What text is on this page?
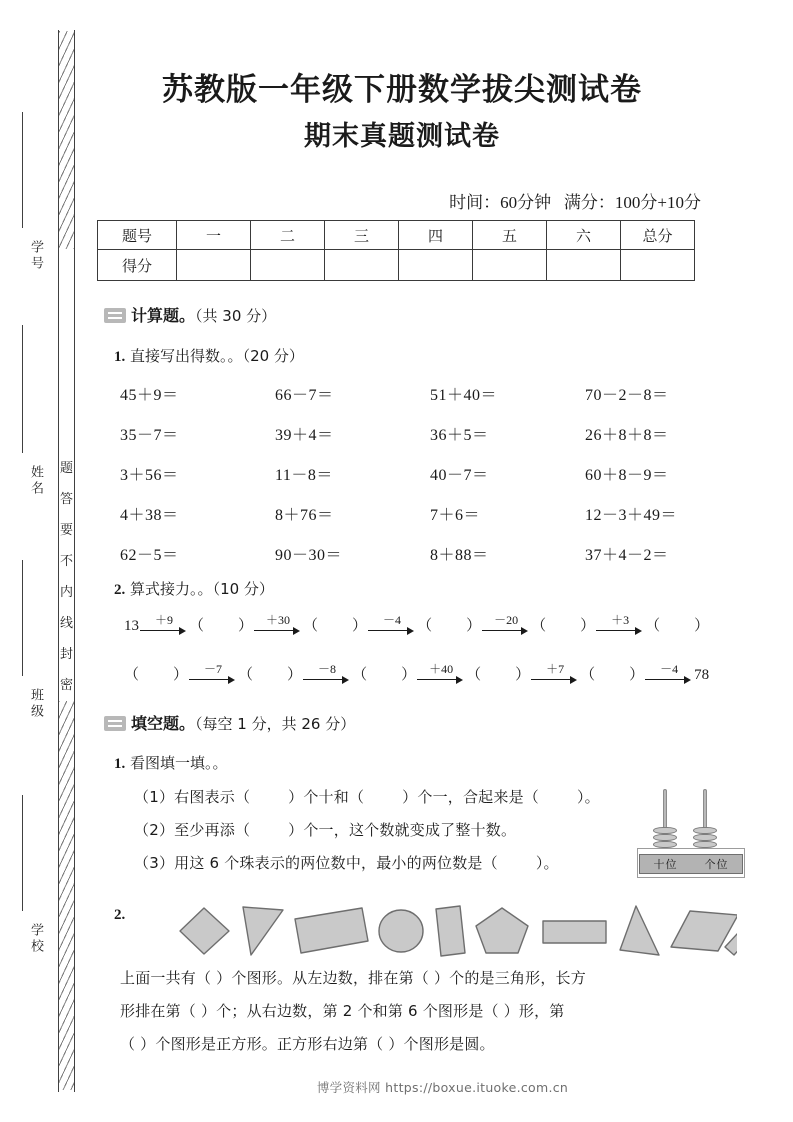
密
封
线
内
不
要
答
题
学号
姓名
班级
学校
苏教版一年级下册数学拔尖测试卷
期末真题测试卷
时间：60分钟 满分：100分+10分
题号	一	二	三	四	五	六	总分
得分							
计算题。（共 30 分）
1. 直接写出得数。。（20 分）
45＋9＝	66－7＝	51＋40＝	70－2－8＝
35－7＝	39＋4＝	36＋5＝	26＋8＋8＝
3＋56＝	11－8＝	40－7＝	60＋8－9＝
4＋38＝	8＋76＝	7＋6＝	12－3＋49＝
62－5＝	90－30＝	8＋88＝	37＋4－2＝
2. 算式接力。。（10 分）
13 ＋9 （ ） ＋30 （ ） －4 （ ） －20 （ ） ＋3 （ ）
（ ） －7 （ ） －8 （ ） ＋40 （ ） ＋7 （ ） －4 78
填空题。（每空 1 分，共 26 分）
1. 看图填一填。。
（1）右图表示（	）个十和（	）个一，合起来是（	）。
（2）至少再添（	）个一，这个数就变成了整十数。
（3）用这 6 个珠表示的两位数中，最小的两位数是（	）。	十位 个位
2.
上面一共有（ ）个图形。从左边数，排在第（ ）个的是三角形，长方
形排在第（ ）个；从右边数，第 2 个和第 6 个图形是（ ）形，第
（ ）个图形是正方形。正方形右边第（ ）个图形是圆。
博学资料网 https://boxue.ituoke.com.cn
